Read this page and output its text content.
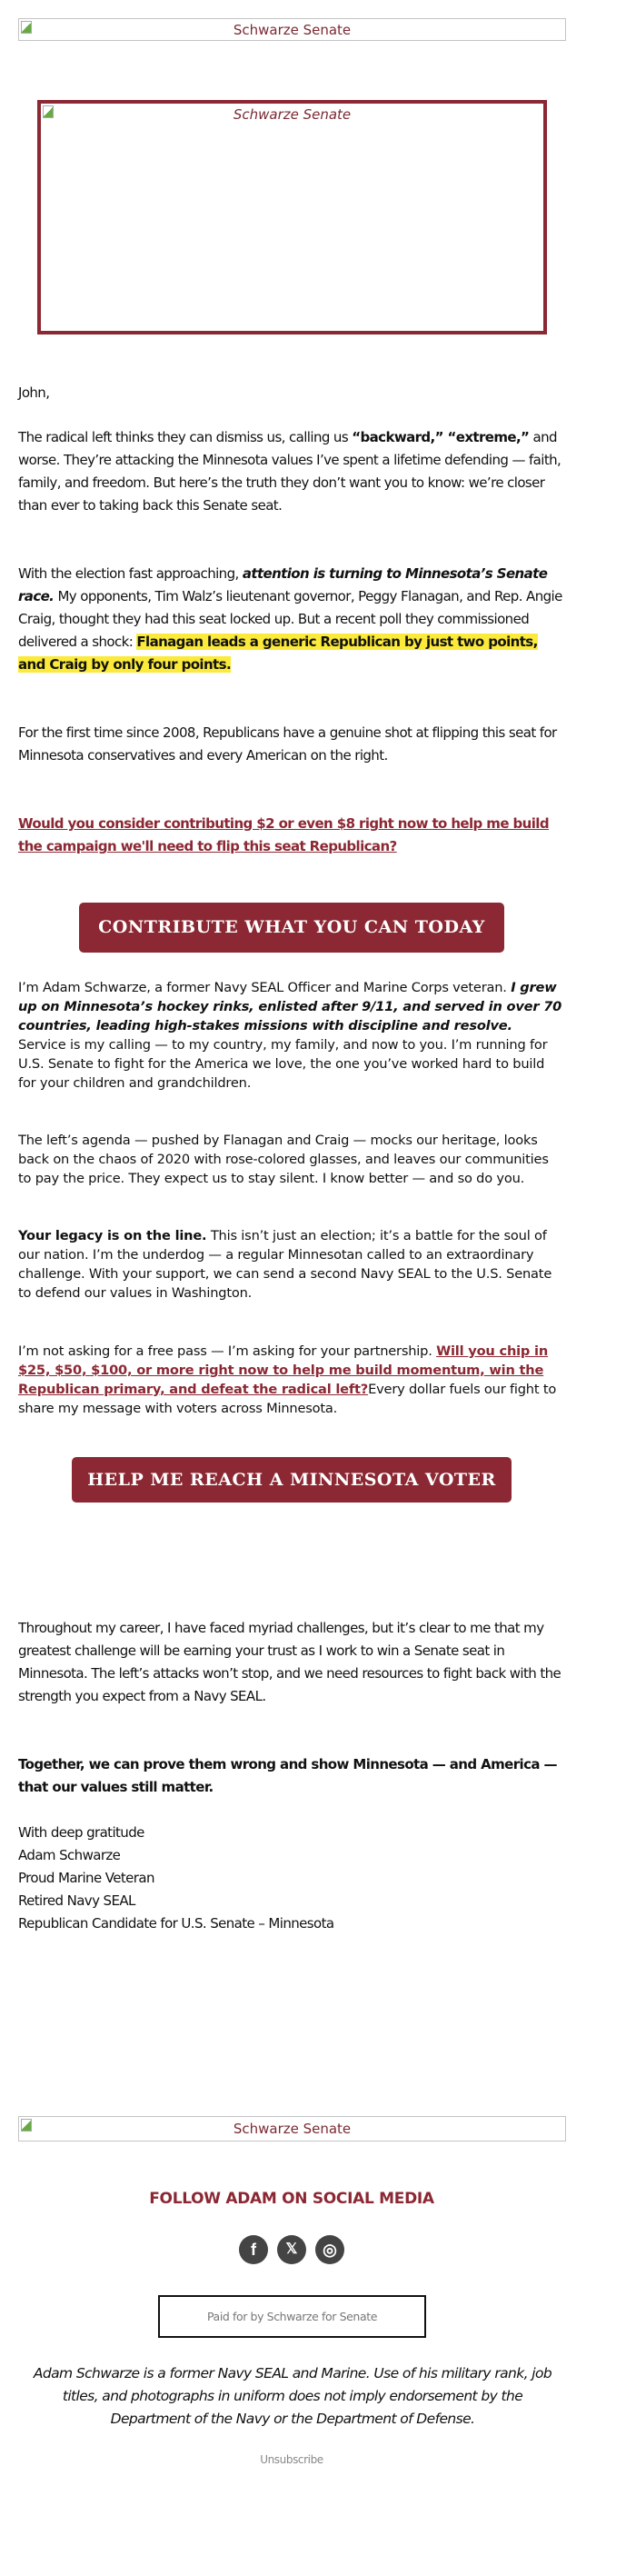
Schwarze Senate
Schwarze Senate
John,
The radical left thinks they can dismiss us, calling us “backward,” “extreme,” and worse. They’re attacking the Minnesota values I’ve spent a lifetime defending — faith, family, and freedom. But here’s the truth they don’t want you to know: we’re closer than ever to taking back this Senate seat.
With the election fast approaching, attention is turning to Minnesota’s Senate race. My opponents, Tim Walz’s lieutenant governor, Peggy Flanagan, and Rep. Angie Craig, thought they had this seat locked up. But a recent poll they commissioned delivered a shock: Flanagan leads a generic Republican by just two points, and Craig by only four points.
For the first time since 2008, Republicans have a genuine shot at flipping this seat for Minnesota conservatives and every American on the right.
Would you consider contributing $2 or even $8 right now to help me build the campaign we'll need to flip this seat Republican?
CONTRIBUTE WHAT YOU CAN TODAY
I’m Adam Schwarze, a former Navy SEAL Officer and Marine Corps veteran. I grew up on Minnesota’s hockey rinks, enlisted after 9/11, and served in over 70 countries, leading high-stakes missions with discipline and resolve. Service is my calling — to my country, my family, and now to you. I’m running for U.S. Senate to fight for the America we love, the one you’ve worked hard to build for your children and grandchildren.
The left’s agenda — pushed by Flanagan and Craig — mocks our heritage, looks back on the chaos of 2020 with rose-colored glasses, and leaves our communities to pay the price. They expect us to stay silent. I know better — and so do you.
Your legacy is on the line. This isn’t just an election; it’s a battle for the soul of our nation. I’m the underdog — a regular Minnesotan called to an extraordinary challenge. With your support, we can send a second Navy SEAL to the U.S. Senate to defend our values in Washington.
I’m not asking for a free pass — I’m asking for your partnership. Will you chip in $25, $50, $100, or more right now to help me build momentum, win the Republican primary, and defeat the radical left?Every dollar fuels our fight to share my message with voters across Minnesota.
HELP ME REACH A MINNESOTA VOTER
Throughout my career, I have faced myriad challenges, but it’s clear to me that my greatest challenge will be earning your trust as I work to win a Senate seat in Minnesota. The left’s attacks won’t stop, and we need resources to fight back with the strength you expect from a Navy SEAL.
Together, we can prove them wrong and show Minnesota — and America — that our values still matter.
With deep gratitude
Adam Schwarze
Proud Marine Veteran
Retired Navy SEAL
Republican Candidate for U.S. Senate – Minnesota
Schwarze Senate
FOLLOW ADAM ON SOCIAL MEDIA
f	𝕏	◎
Paid for by Schwarze for Senate
Adam Schwarze is a former Navy SEAL and Marine. Use of his military rank, job titles, and photographs in uniform does not imply endorsement by the Department of the Navy or the Department of Defense.
Unsubscribe
